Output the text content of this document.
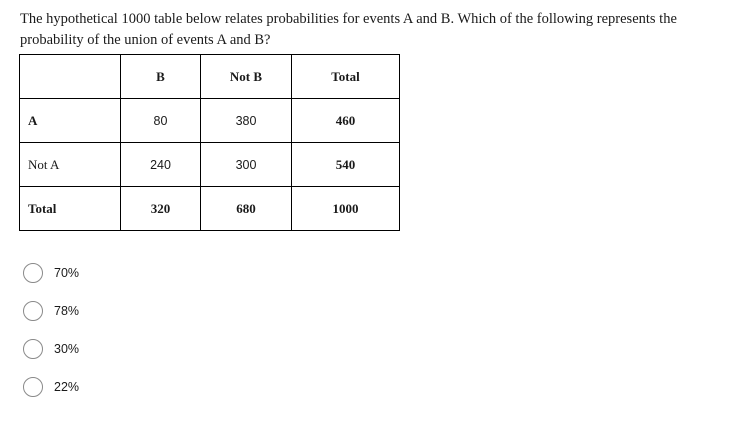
The hypothetical 1000 table below relates probabilities for events A and B. Which of the following represents the probability of the union of events A and B?
	B	Not B	Total
A	80	380	460
Not A	240	300	540
Total	320	680	1000
70%
78%
30%
22%
